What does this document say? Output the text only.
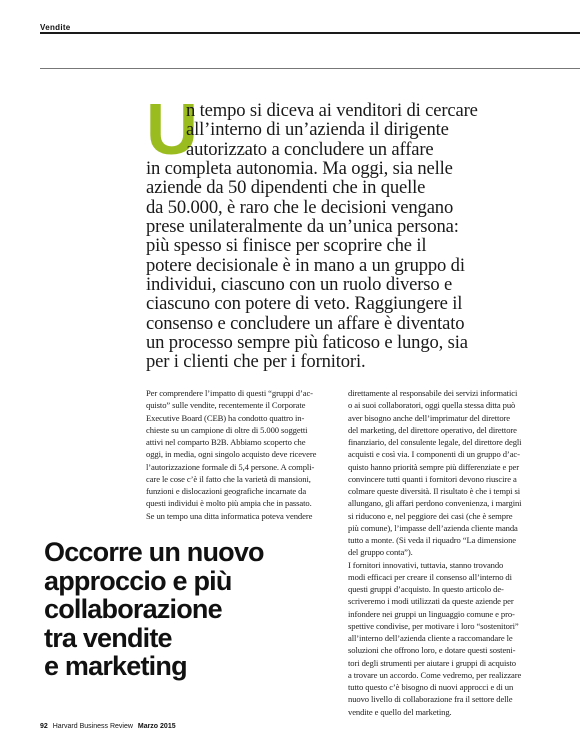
Vendite
U
n tempo si diceva ai venditori di cercare
all’interno di un’azienda il dirigente
autorizzato a concludere un affare
in completa autonomia. Ma oggi, sia nelle
aziende da 50 dipendenti che in quelle
da 50.000, è raro che le decisioni vengano
prese unilateralmente da un’unica persona:
più spesso si finisce per scoprire che il
potere decisionale è in mano a un gruppo di
individui, ciascuno con un ruolo diverso e
ciascuno con potere di veto. Raggiungere il
consenso e concludere un affare è diventato
un processo sempre più faticoso e lungo, sia
per i clienti che per i fornitori.
Per comprendere l’impatto di questi “gruppi d’ac-
quisto” sulle vendite, recentemente il Corporate
Executive Board (CEB) ha condotto quattro in-
chieste su un campione di oltre di 5.000 soggetti
attivi nel comparto B2B. Abbiamo scoperto che
oggi, in media, ogni singolo acquisto deve ricevere
l’autorizzazione formale di 5,4 persone. A compli-
care le cose c’è il fatto che la varietà di mansioni,
funzioni e dislocazioni geografiche incarnate da
questi individui è molto più ampia che in passato.
Se un tempo una ditta informatica poteva vendere
direttamente al responsabile dei servizi informatici
o ai suoi collaboratori, oggi quella stessa ditta può
aver bisogno anche dell’imprimatur del direttore
del marketing, del direttore operativo, del direttore
finanziario, del consulente legale, del direttore degli
acquisti e così via. I componenti di un gruppo d’ac-
quisto hanno priorità sempre più differenziate e per
convincere tutti quanti i fornitori devono riuscire a
colmare queste diversità. Il risultato è che i tempi si
allungano, gli affari perdono convenienza, i margini
si riducono e, nel peggiore dei casi (che è sempre
più comune), l’impasse dell’azienda cliente manda
tutto a monte. (Si veda il riquadro “La dimensione
del gruppo conta”).
I fornitori innovativi, tuttavia, stanno trovando
modi efficaci per creare il consenso all’interno di
questi gruppi d’acquisto. In questo articolo de-
scriveremo i modi utilizzati da queste aziende per
infondere nei gruppi un linguaggio comune e pro-
spettive condivise, per motivare i loro “sostenitori”
all’interno dell’azienda cliente a raccomandare le
soluzioni che offrono loro, e dotare questi sosteni-
tori degli strumenti per aiutare i gruppi di acquisto
a trovare un accordo. Come vedremo, per realizzare
tutto questo c’è bisogno di nuovi approcci e di un
nuovo livello di collaborazione fra il settore delle
vendite e quello del marketing.
Occorre un nuovo
approccio e più
collaborazione
tra vendite
e marketing
92 Harvard Business Review Marzo 2015
